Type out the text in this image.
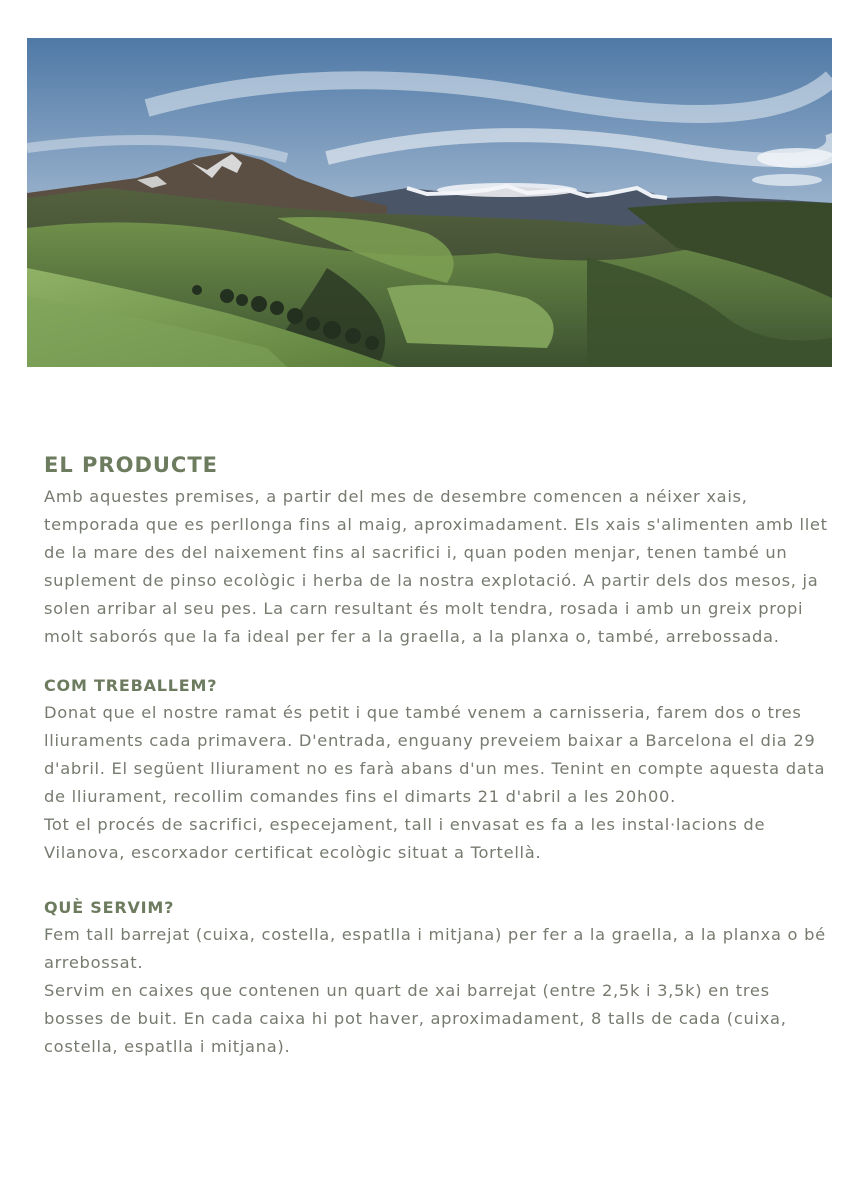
EL PRODUCTE

Amb aquestes premises, a partir del mes de desembre comencen a néixer xais, temporada que es perllonga fins al maig, aproximadament. Els xais s'alimenten amb llet de la mare des del naixement fins al sacrifici i, quan poden menjar, tenen també un suplement de pinso ecològic i herba de la nostra explotació. A partir dels dos mesos, ja solen arribar al seu pes. La carn resultant és molt tendra, rosada i amb un greix propi molt saborós que la fa ideal per fer a la graella, a la planxa o, també, arrebossada.

COM TREBALLEM?

Donat que el nostre ramat és petit i que també venem a carnisseria, farem dos o tres lliuraments cada primavera. D'entrada, enguany preveiem baixar a Barcelona el dia 29 d'abril. El següent lliurament no es farà abans d'un mes. Tenint en compte aquesta data de lliurament, recollim comandes fins el dimarts 21 d'abril a les 20h00.

Tot el procés de sacrifici, especejament, tall i envasat es fa a les instal·lacions de Vilanova, escorxador certificat ecològic situat a Tortellà.

QUÈ SERVIM?

Fem tall barrejat (cuixa, costella, espatlla i mitjana) per fer a la graella, a la planxa o bé arrebossat.

Servim en caixes que contenen un quart de xai barrejat (entre 2,5k i 3,5k) en tres bosses de buit. En cada caixa hi pot haver, aproximadament, 8 talls de cada (cuixa, costella, espatlla i mitjana).
